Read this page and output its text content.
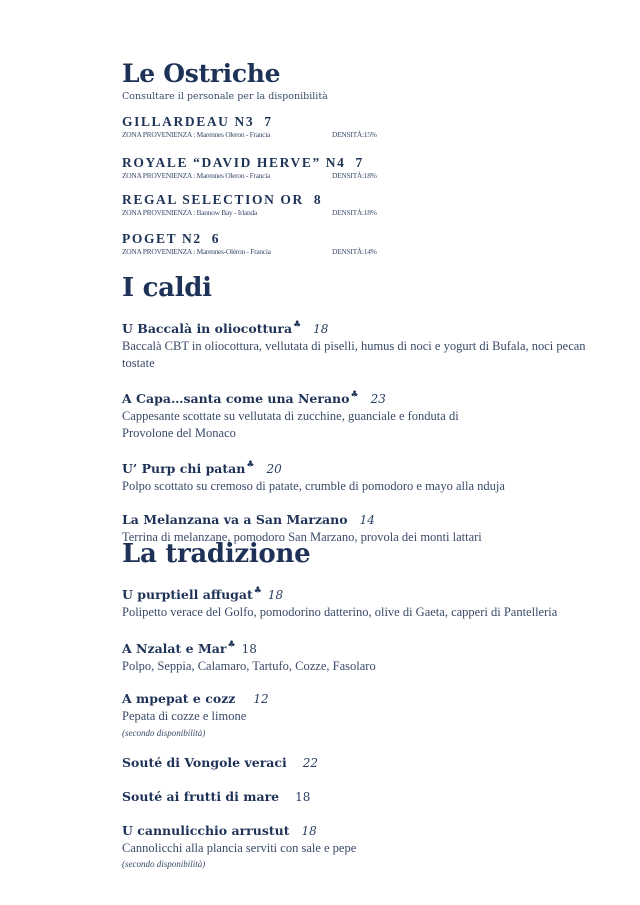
Le Ostriche
Consultare il personale per la disponibilità
GILLARDEAU N3 7
ZONA PROVENIENZA : Marennes Oleron - Francia	DENSITÀ:15%
ROYALE “DAVID HERVE” N4 7
ZONA PROVENIENZA : Marennes Oleron - Francia	DENSITÀ:18%
REGAL SELECTION OR 8
ZONA PROVENIENZA : Bannow Bay - Irlanda	DENSITÀ:18%
POGET N2 6
ZONA PROVENIENZA : Marennes-Oléron - Francia	DENSITÀ:14%
I caldi
U Baccalà in oliocottura♣ 18
Baccalà CBT in oliocottura, vellutata di piselli, humus di noci e yogurt di Bufala, noci pecan tostate
A Capa…santa come una Nerano♣ 23
Cappesante scottate su vellutata di zucchine, guanciale e fonduta di Provolone del Monaco
U’ Purp chi patan♣ 20
Polpo scottato su cremoso di patate, crumble di pomodoro e mayo alla nduja
La Melanzana va a San Marzano 14
Terrina di melanzane, pomodoro San Marzano, provola dei monti lattari
La tradizione
U purptiell affugat♣ 18
Polipetto verace del Golfo, pomodorino datterino, olive di Gaeta, capperi di Pantelleria
A Nzalat e Mar♣ 18
Polpo, Seppia, Calamaro, Tartufo, Cozze, Fasolaro
A mpepat e cozz 12
Pepata di cozze e limone
(secondo disponibilità)
Souté di Vongole veraci 22
Souté ai frutti di mare 18
U cannulicchio arrustut 18
Cannolicchi alla plancia serviti con sale e pepe
(secondo disponibilità)
